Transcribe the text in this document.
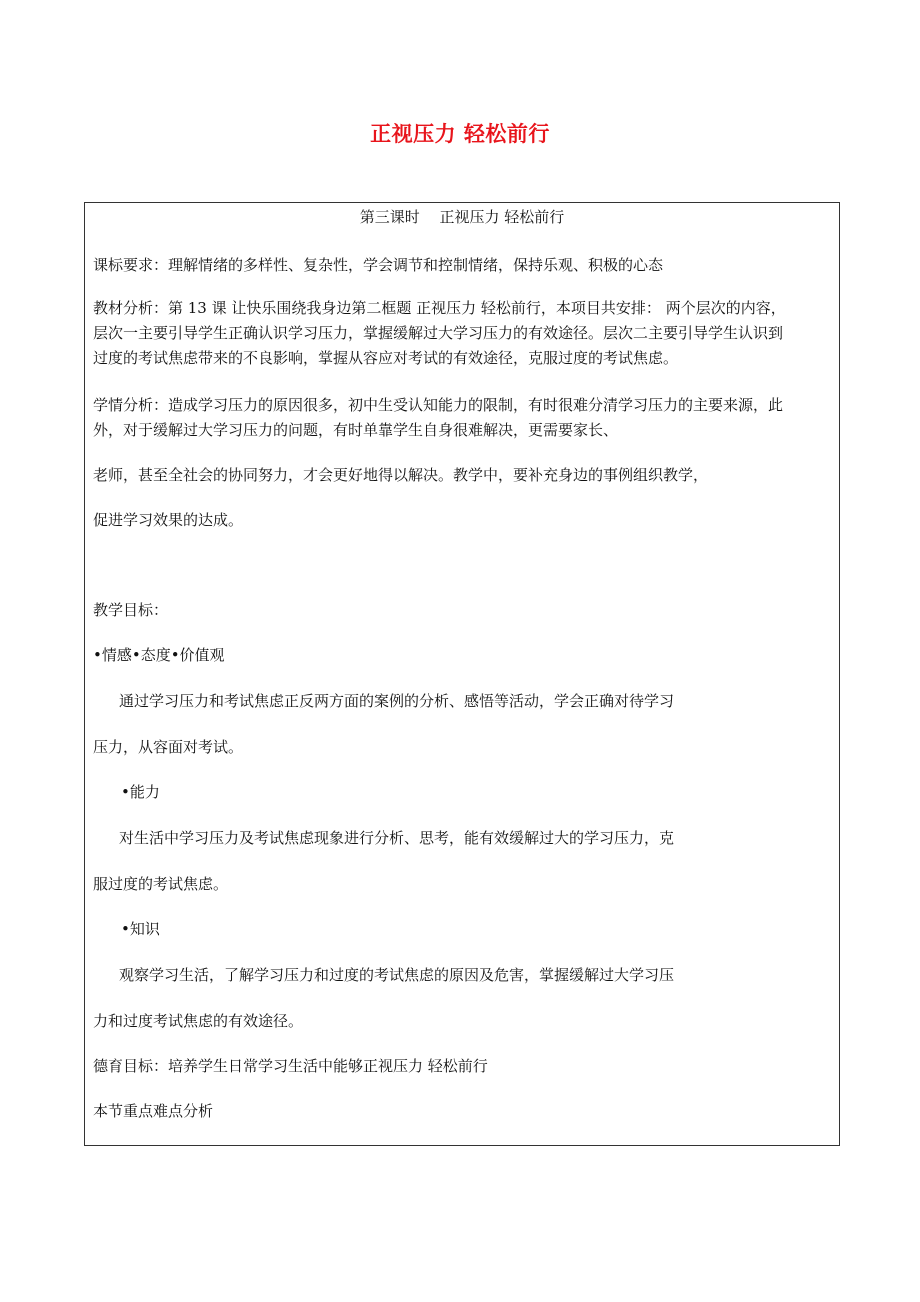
正视压力 轻松前行
第三课时　 正视压力 轻松前行
课标要求：理解情绪的多样性、复杂性，学会调节和控制情绪，保持乐观、积极的心态
教材分析：第 13 课 让快乐围绕我身边第二框题 正视压力 轻松前行，本项目共安排： 两个层次的内容，
层次一主要引导学生正确认识学习压力，掌握缓解过大学习压力的有效途径。层次二主要引导学生认识到
过度的考试焦虑带来的不良影响，掌握从容应对考试的有效途径，克服过度的考试焦虑。
学情分析：造成学习压力的原因很多，初中生受认知能力的限制，有时很难分清学习压力的主要来源，此
外，对于缓解过大学习压力的问题，有时单靠学生自身很难解决，更需要家长、
老师，甚至全社会的协同努力，才会更好地得以解决。教学中，要补充身边的事例组织教学，
促进学习效果的达成。
教学目标：
•情感•态度•价值观
通过学习压力和考试焦虑正反两方面的案例的分析、感悟等活动，学会正确对待学习
压力，从容面对考试。
•能力
对生活中学习压力及考试焦虑现象进行分析、思考，能有效缓解过大的学习压力，克
服过度的考试焦虑。
•知识
观察学习生活，了解学习压力和过度的考试焦虑的原因及危害，掌握缓解过大学习压
力和过度考试焦虑的有效途径。
德育目标：培养学生日常学习生活中能够正视压力 轻松前行
本节重点难点分析
